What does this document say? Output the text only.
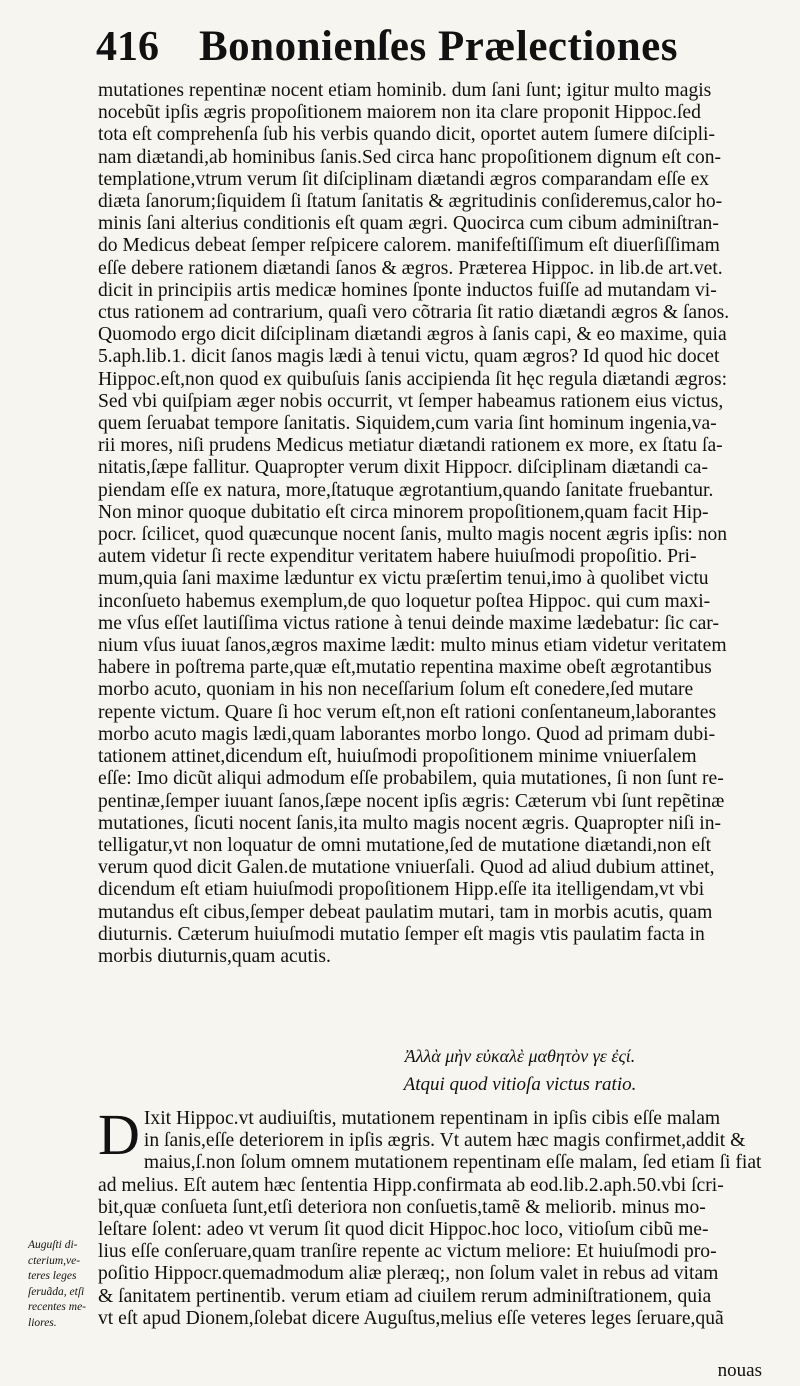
416 Bononienſes Prælectiones
mutationes repentinæ nocent etiam hominib. dum ſani ſunt; igitur multo magis
nocebũt ipſis ægris propoſitionem maiorem non ita clare proponit Hippoc.ſed
tota eſt comprehenſa ſub his verbis quando dicit, oportet autem ſumere diſcipli-
nam diætandi,ab hominibus ſanis.Sed circa hanc propoſitionem dignum eſt con-
templatione,vtrum verum ſit diſciplinam diætandi ægros comparandam eſſe ex
diæta ſanorum;ſiquidem ſi ſtatum ſanitatis & ægritudinis conſideremus,calor ho-
minis ſani alterius conditionis eſt quam ægri. Quocirca cum cibum adminiſtran-
do Medicus debeat ſemper reſpicere calorem. manifeſtiſſimum eſt diuerſiſſimam
eſſe debere rationem diætandi ſanos & ægros. Præterea Hippoc. in lib.de art.vet.
dicit in principiis artis medicæ homines ſponte inductos fuiſſe ad mutandam vi-
ctus rationem ad contrarium, quaſi vero cõtraria ſit ratio diætandi ægros & ſanos.
Quomodo ergo dicit diſciplinam diætandi ægros à ſanis capi, & eo maxime, quia
5.aph.lib.1. dicit ſanos magis lædi à tenui victu, quam ægros? Id quod hic docet
Hippoc.eſt,non quod ex quibuſuis ſanis accipienda ſit hęc regula diætandi ægros:
Sed vbi quiſpiam æger nobis occurrit, vt ſemper habeamus rationem eius victus,
quem ſeruabat tempore ſanitatis. Siquidem,cum varia ſint hominum ingenia,va-
rii mores, niſi prudens Medicus metiatur diætandi rationem ex more, ex ſtatu ſa-
nitatis,ſæpe fallitur. Quapropter verum dixit Hippocr. diſciplinam diætandi ca-
piendam eſſe ex natura, more,ſtatuque ægrotantium,quando ſanitate fruebantur.
Non minor quoque dubitatio eſt circa minorem propoſitionem,quam facit Hip-
pocr. ſcilicet, quod quæcunque nocent ſanis, multo magis nocent ægris ipſis: non
autem videtur ſi recte expenditur veritatem habere huiuſmodi propoſitio. Pri-
mum,quia ſani maxime læduntur ex victu præſertim tenui,imo à quolibet victu
inconſueto habemus exemplum,de quo loquetur poſtea Hippoc. qui cum maxi-
me vſus eſſet lautiſſima victus ratione à tenui deinde maxime lædebatur: ſic car-
nium vſus iuuat ſanos,ægros maxime lædit: multo minus etiam videtur veritatem
habere in poſtrema parte,quæ eſt,mutatio repentina maxime obeſt ægrotantibus
morbo acuto, quoniam in his non neceſſarium ſolum eſt conedere,ſed mutare
repente victum. Quare ſi hoc verum eſt,non eſt rationi conſentaneum,laborantes
morbo acuto magis lædi,quam laborantes morbo longo. Quod ad primam dubi-
tationem attinet,dicendum eſt, huiuſmodi propoſitionem minime vniuerſalem
eſſe: Imo dicũt aliqui admodum eſſe probabilem, quia mutationes, ſi non ſunt re-
pentinæ,ſemper iuuant ſanos,ſæpe nocent ipſis ægris: Cæterum vbi ſunt repẽtinæ
mutationes, ſicuti nocent ſanis,ita multo magis nocent ægris. Quapropter niſi in-
telligatur,vt non loquatur de omni mutatione,ſed de mutatione diætandi,non eſt
verum quod dicit Galen.de mutatione vniuerſali. Quod ad aliud dubium attinet,
dicendum eſt etiam huiuſmodi propoſitionem Hipp.eſſe ita itelligendam,vt vbi
mutandus eſt cibus,ſemper debeat paulatim mutari, tam in morbis acutis, quam
diuturnis. Cæterum huiuſmodi mutatio ſemper eſt magis vtis paulatim facta in
morbis diuturnis,quam acutis.
Ἀλλὰ μὴν εὐκαλὲ μαθητὸν γε ἐςί.
Atqui quod vitioſa victus ratio.
D Ixit Hippoc.vt audiuiſtis, mutationem repentinam in ipſis cibis eſſe malam
in ſanis,eſſe deteriorem in ipſis ægris. Vt autem hæc magis confirmet,addit &
maius,ſ.non ſolum omnem mutationem repentinam eſſe malam, ſed etiam ſi fiat
ad melius. Eſt autem hæc ſententia Hipp.confirmata ab eod.lib.2.aph.50.vbi ſcri-
bit,quæ conſueta ſunt,etſi deteriora non conſuetis,tamẽ & meliorib. minus mo-
leſtare ſolent: adeo vt verum ſit quod dicit Hippoc.hoc loco, vitioſum cibũ me-
lius eſſe conſeruare,quam tranſire repente ac victum meliore: Et huiuſmodi pro-
poſitio Hippocr.quemadmodum aliæ pleræq;, non ſolum valet in rebus ad vitam
& ſanitatem pertinentib. verum etiam ad ciuilem rerum adminiſtrationem, quia
vt eſt apud Dionem,ſolebat dicere Auguſtus,melius eſſe veteres leges ſeruare,quã
Auguſti di-
cterium,ve-
teres leges
ſeruãda, etſi
recentes me-
liores.
nouas
